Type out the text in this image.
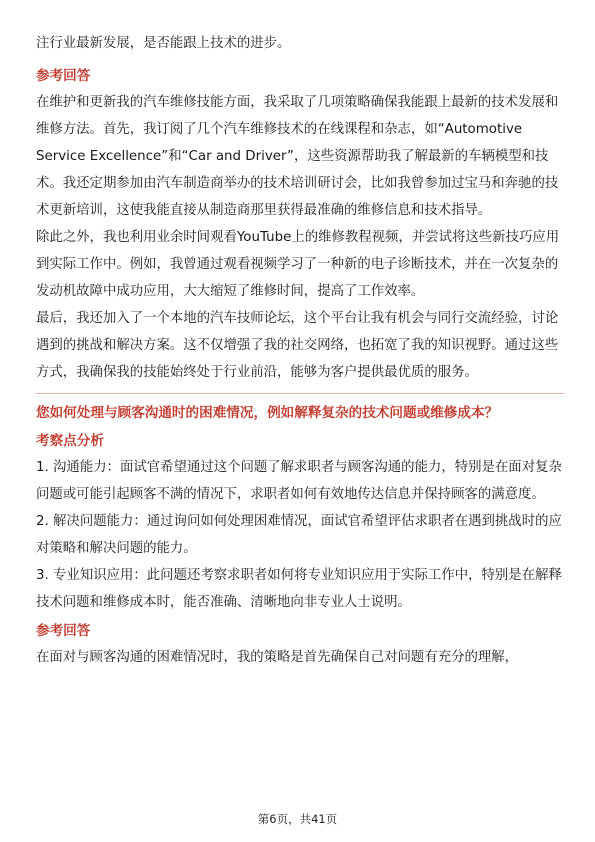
注行业最新发展，是否能跟上技术的进步。

参考回答

在维护和更新我的汽车维修技能方面，我采取了几项策略确保我能跟上最新的技术发展和维修方法。首先，我订阅了几个汽车维修技术的在线课程和杂志，如“Automotive Service Excellence”和“Car and Driver”，这些资源帮助我了解最新的车辆模型和技术。我还定期参加由汽车制造商举办的技术培训研讨会，比如我曾参加过宝马和奔驰的技术更新培训，这使我能直接从制造商那里获得最准确的维修信息和技术指导。

除此之外，我也利用业余时间观看YouTube上的维修教程视频，并尝试将这些新技巧应用到实际工作中。例如，我曾通过观看视频学习了一种新的电子诊断技术，并在一次复杂的发动机故障中成功应用，大大缩短了维修时间，提高了工作效率。

最后，我还加入了一个本地的汽车技师论坛，这个平台让我有机会与同行交流经验，讨论遇到的挑战和解决方案。这不仅增强了我的社交网络，也拓宽了我的知识视野。通过这些方式，我确保我的技能始终处于行业前沿，能够为客户提供最优质的服务。

您如何处理与顾客沟通时的困难情况，例如解释复杂的技术问题或维修成本？

考察点分析

1. 沟通能力：面试官希望通过这个问题了解求职者与顾客沟通的能力，特别是在面对复杂问题或可能引起顾客不满的情况下，求职者如何有效地传达信息并保持顾客的满意度。

2. 解决问题能力：通过询问如何处理困难情况，面试官希望评估求职者在遇到挑战时的应对策略和解决问题的能力。

3. 专业知识应用：此问题还考察求职者如何将专业知识应用于实际工作中，特别是在解释技术问题和维修成本时，能否准确、清晰地向非专业人士说明。

参考回答

在面对与顾客沟通的困难情况时，我的策略是首先确保自己对问题有充分的理解，

第6页，共41页
